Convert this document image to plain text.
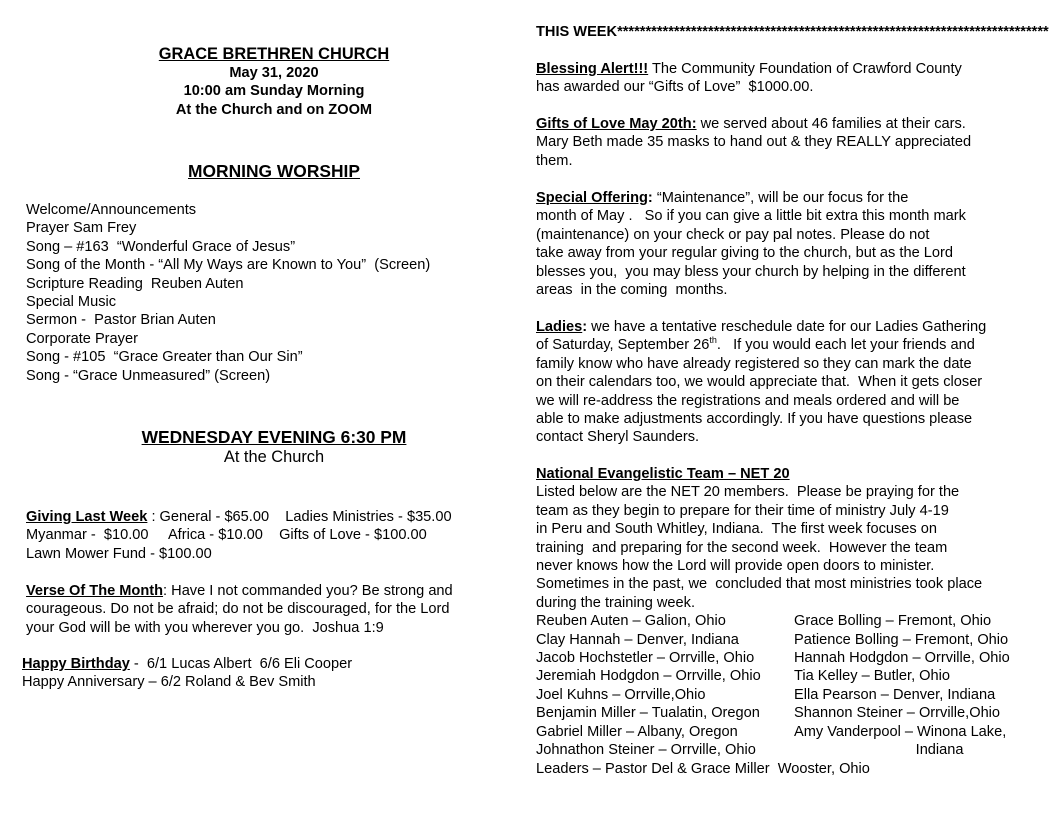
GRACE BRETHREN CHURCH
May 31, 2020
10:00 am Sunday Morning
At the Church and on ZOOM
MORNING WORSHIP
Welcome/Announcements
Prayer Sam Frey
Song – #163  “Wonderful Grace of Jesus”
Song of the Month - “All My Ways are Known to You”  (Screen)
Scripture Reading  Reuben Auten
Special Music
Sermon -  Pastor Brian Auten
Corporate Prayer
Song - #105  “Grace Greater than Our Sin”
Song - “Grace Unmeasured” (Screen)
WEDNESDAY EVENING 6:30 PM
At the Church
Giving Last Week : General - $65.00    Ladies Ministries - $35.00
Myanmar -  $10.00     Africa - $10.00    Gifts of Love - $100.00
Lawn Mower Fund - $100.00
Verse Of The Month: Have I not commanded you? Be strong and
courageous. Do not be afraid; do not be discouraged, for the Lord
your God will be with you wherever you go.  Joshua 1:9
Happy Birthday -  6/1 Lucas Albert  6/6 Eli Cooper
Happy Anniversary – 6/2 Roland & Bev Smith
THIS WEEK****************************************************************************
Blessing Alert!!! The Community Foundation of Crawford County
has awarded our “Gifts of Love”  $1000.00.
Gifts of Love May 20th: we served about 46 families at their cars.
Mary Beth made 35 masks to hand out & they REALLY appreciated
them.
Special Offering: “Maintenance”, will be our focus for the
month of May .   So if you can give a little bit extra this month mark
(maintenance) on your check or pay pal notes. Please do not
take away from your regular giving to the church, but as the Lord
blesses you,  you may bless your church by helping in the different
areas  in the coming  months.
Ladies: we have a tentative reschedule date for our Ladies Gathering
of Saturday, September 26th.   If you would each let your friends and
family know who have already registered so they can mark the date
on their calendars too, we would appreciate that.  When it gets closer
we will re-address the registrations and meals ordered and will be
able to make adjustments accordingly. If you have questions please
contact Sheryl Saunders.
National Evangelistic Team – NET 20
Listed below are the NET 20 members.  Please be praying for the
team as they begin to prepare for their time of ministry July 4-19
in Peru and South Whitley, Indiana.  The first week focuses on
training  and preparing for the second week.  However the team
never knows how the Lord will provide open doors to minister.
Sometimes in the past, we  concluded that most ministries took place
during the training week.
Reuben Auten – Galion, Ohio	Grace Bolling – Fremont, Ohio
Clay Hannah – Denver, Indiana	Patience Bolling – Fremont, Ohio
Jacob Hochstetler – Orrville, Ohio	Hannah Hodgdon – Orrville, Ohio
Jeremiah Hodgdon – Orrville, Ohio	Tia Kelley – Butler, Ohio
Joel Kuhns – Orrville,Ohio	Ella Pearson – Denver, Indiana
Benjamin Miller – Tualatin, Oregon	Shannon Steiner – Orrville,Ohio
Gabriel Miller – Albany, Oregon	Amy Vanderpool – Winona Lake,
Johnathon Steiner – Orrville, Ohio	Indiana
Leaders – Pastor Del & Grace Miller  Wooster, Ohio
